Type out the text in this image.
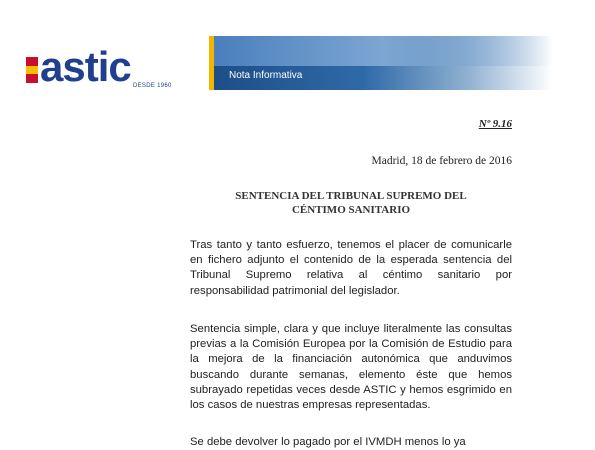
astic DESDE 1960
Nota Informativa
Nº 9.16
Madrid, 18 de febrero de 2016
SENTENCIA DEL TRIBUNAL SUPREMO DEL
CÉNTIMO SANITARIO

Tras tanto y tanto esfuerzo, tenemos el placer de comunicarle en fichero adjunto el contenido de la esperada sentencia del Tribunal Supremo relativa al céntimo sanitario por responsabilidad patrimonial del legislador.

Sentencia simple, clara y que incluye literalmente las consultas previas a la Comisión Europea por la Comisión de Estudio para la mejora de la financiación autonómica que anduvimos buscando durante semanas, elemento éste que hemos subrayado repetidas veces desde ASTIC y hemos esgrimido en los casos de nuestras empresas representadas.

Se debe devolver lo pagado por el IVMDH menos lo ya
